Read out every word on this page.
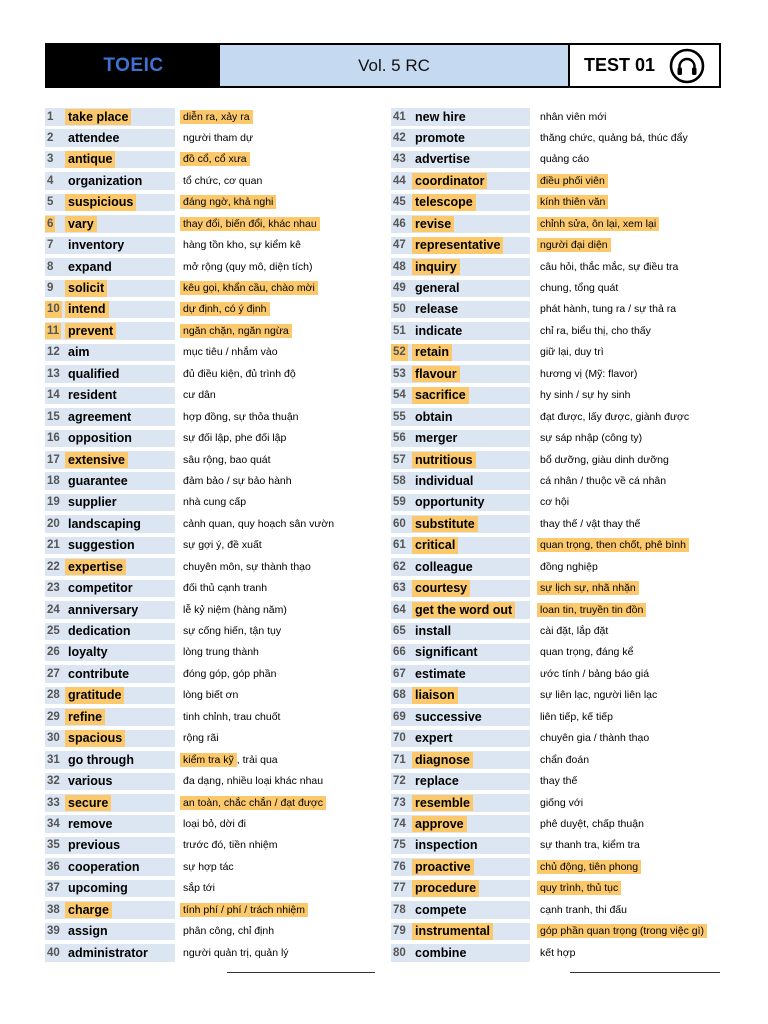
TOEIC	Vol. 5 RC	TEST 01
1 take place	diễn ra, xảy ra
2 attendee	người tham dự
3 antique	đồ cổ, cổ xưa
4 organization	tổ chức, cơ quan
5 suspicious	đáng ngờ, khả nghi
6 vary	thay đổi, biến đổi, khác nhau
7 inventory	hàng tồn kho, sự kiểm kê
8 expand	mở rộng (quy mô, diện tích)
9 solicit	kêu gọi, khẩn cầu, chào mời
10 intend	dự định, có ý định
11 prevent	ngăn chặn, ngăn ngừa
12 aim	mục tiêu / nhắm vào
13 qualified	đủ điều kiện, đủ trình độ
14 resident	cư dân
15 agreement	hợp đồng, sự thỏa thuận
16 opposition	sự đối lập, phe đối lập
17 extensive	sâu rộng, bao quát
18 guarantee	đảm bảo / sự bảo hành
19 supplier	nhà cung cấp
20 landscaping	cảnh quan, quy hoạch sân vườn
21 suggestion	sự gợi ý, đề xuất
22 expertise	chuyên môn, sự thành thạo
23 competitor	đối thủ cạnh tranh
24 anniversary	lễ kỷ niệm (hàng năm)
25 dedication	sự cống hiến, tận tụy
26 loyalty	lòng trung thành
27 contribute	đóng góp, góp phần
28 gratitude	lòng biết ơn
29 refine	tinh chỉnh, trau chuốt
30 spacious	rộng rãi
31 go through	kiểm tra kỹ , trải qua
32 various	đa dạng, nhiều loại khác nhau
33 secure	an toàn, chắc chắn / đạt được
34 remove	loại bỏ, dời đi
35 previous	trước đó, tiền nhiệm
36 cooperation	sự hợp tác
37 upcoming	sắp tới
38 charge	tính phí / phí / trách nhiệm
39 assign	phân công, chỉ định
40 administrator	người quản trị, quản lý
41 new hire	nhân viên mới
42 promote	thăng chức, quảng bá, thúc đẩy
43 advertise	quảng cáo
44 coordinator	điều phối viên
45 telescope	kính thiên văn
46 revise	chỉnh sửa, ôn lại, xem lại
47 representative	người đại diện
48 inquiry	câu hỏi, thắc mắc, sự điều tra
49 general	chung, tổng quát
50 release	phát hành, tung ra / sự thả ra
51 indicate	chỉ ra, biểu thị, cho thấy
52 retain	giữ lại, duy trì
53 flavour	hương vị (Mỹ: flavor)
54 sacrifice	hy sinh / sự hy sinh
55 obtain	đạt được, lấy được, giành được
56 merger	sự sáp nhập (công ty)
57 nutritious	bổ dưỡng, giàu dinh dưỡng
58 individual	cá nhân / thuộc về cá nhân
59 opportunity	cơ hội
60 substitute	thay thế / vật thay thế
61 critical	quan trọng, then chốt, phê bình
62 colleague	đồng nghiệp
63 courtesy	sự lịch sự, nhã nhặn
64 get the word out	loan tin, truyền tin đồn
65 install	cài đặt, lắp đặt
66 significant	quan trọng, đáng kể
67 estimate	ước tính / bảng báo giá
68 liaison	sự liên lạc, người liên lạc
69 successive	liên tiếp, kế tiếp
70 expert	chuyên gia / thành thạo
71 diagnose	chẩn đoán
72 replace	thay thế
73 resemble	giống với
74 approve	phê duyệt, chấp thuận
75 inspection	sự thanh tra, kiểm tra
76 proactive	chủ động, tiên phong
77 procedure	quy trình, thủ tục
78 compete	cạnh tranh, thi đấu
79 instrumental	góp phần quan trọng (trong việc gì)
80 combine	kết hợp
